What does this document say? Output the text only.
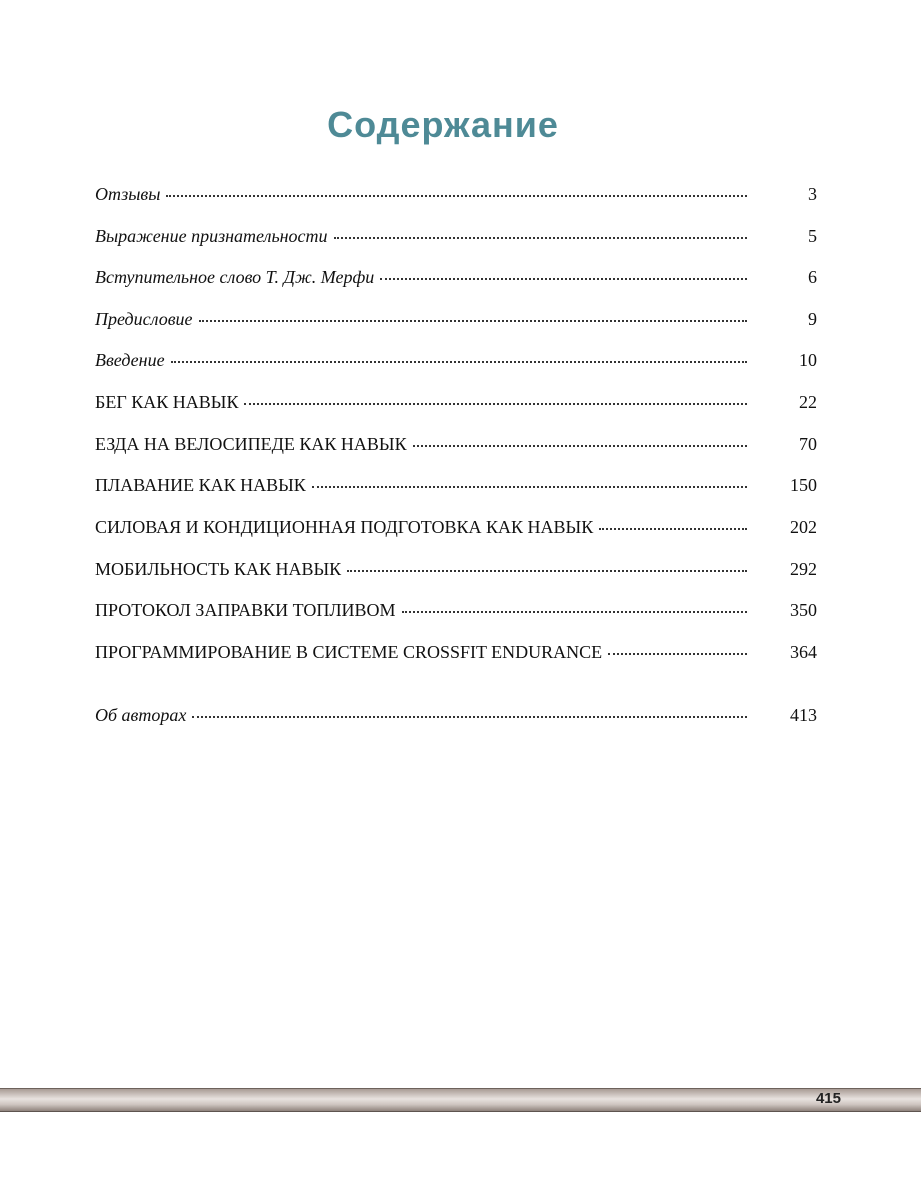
Содержание
Отзывы	3
Выражение признательности	5
Вступительное слово Т. Дж. Мерфи	6
Предисловие	9
Введение	10
БЕГ КАК НАВЫК	22
ЕЗДА НА ВЕЛОСИПЕДЕ КАК НАВЫК	70
ПЛАВАНИЕ КАК НАВЫК	150
СИЛОВАЯ И КОНДИЦИОННАЯ ПОДГОТОВКА КАК НАВЫК	202
МОБИЛЬНОСТЬ КАК НАВЫК	292
ПРОТОКОЛ ЗАПРАВКИ ТОПЛИВОМ	350
ПРОГРАММИРОВАНИЕ В СИСТЕМЕ CROSSFIT ENDURANCE	364
Об авторах	413
415
